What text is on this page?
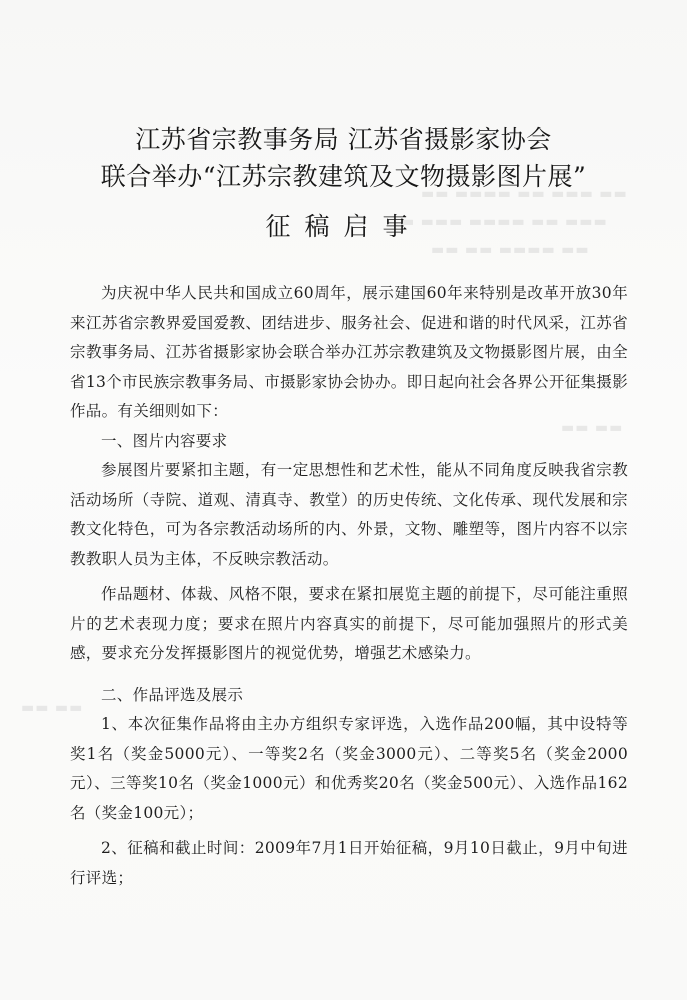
▬▬ ▬▬▬ ▬▬ ▬▬▬▬ ▬▬
▬▬▬ ▬▬ ▬▬▬▬ ▬▬▬ ▬
▬▬ ▬▬▬▬ ▬▬ ▬▬
▬▬ ▬▬
▬▬ ▬▬
江苏省宗教事务局 江苏省摄影家协会
联合举办“江苏宗教建筑及文物摄影图片展”
征稿启事

为庆祝中华人民共和国成立60周年，展示建国60年来特别是改革开放30年来江苏省宗教界爱国爱教、团结进步、服务社会、促进和谐的时代风采，江苏省宗教事务局、江苏省摄影家协会联合举办江苏宗教建筑及文物摄影图片展，由全省13个市民族宗教事务局、市摄影家协会协办。即日起向社会各界公开征集摄影作品。有关细则如下：

一、图片内容要求

参展图片要紧扣主题，有一定思想性和艺术性，能从不同角度反映我省宗教活动场所（寺院、道观、清真寺、教堂）的历史传统、文化传承、现代发展和宗教文化特色，可为各宗教活动场所的内、外景，文物、雕塑等，图片内容不以宗教教职人员为主体，不反映宗教活动。

作品题材、体裁、风格不限，要求在紧扣展览主题的前提下，尽可能注重照片的艺术表现力度；要求在照片内容真实的前提下，尽可能加强照片的形式美感，要求充分发挥摄影图片的视觉优势，增强艺术感染力。

二、作品评选及展示

1、本次征集作品将由主办方组织专家评选，入选作品200幅，其中设特等奖1名（奖金5000元）、一等奖2名（奖金3000元）、二等奖5名（奖金2000元）、三等奖10名（奖金1000元）和优秀奖20名（奖金500元）、入选作品162名（奖金100元）；

2、征稿和截止时间：2009年7月1日开始征稿，9月10日截止，9月中旬进行评选；
